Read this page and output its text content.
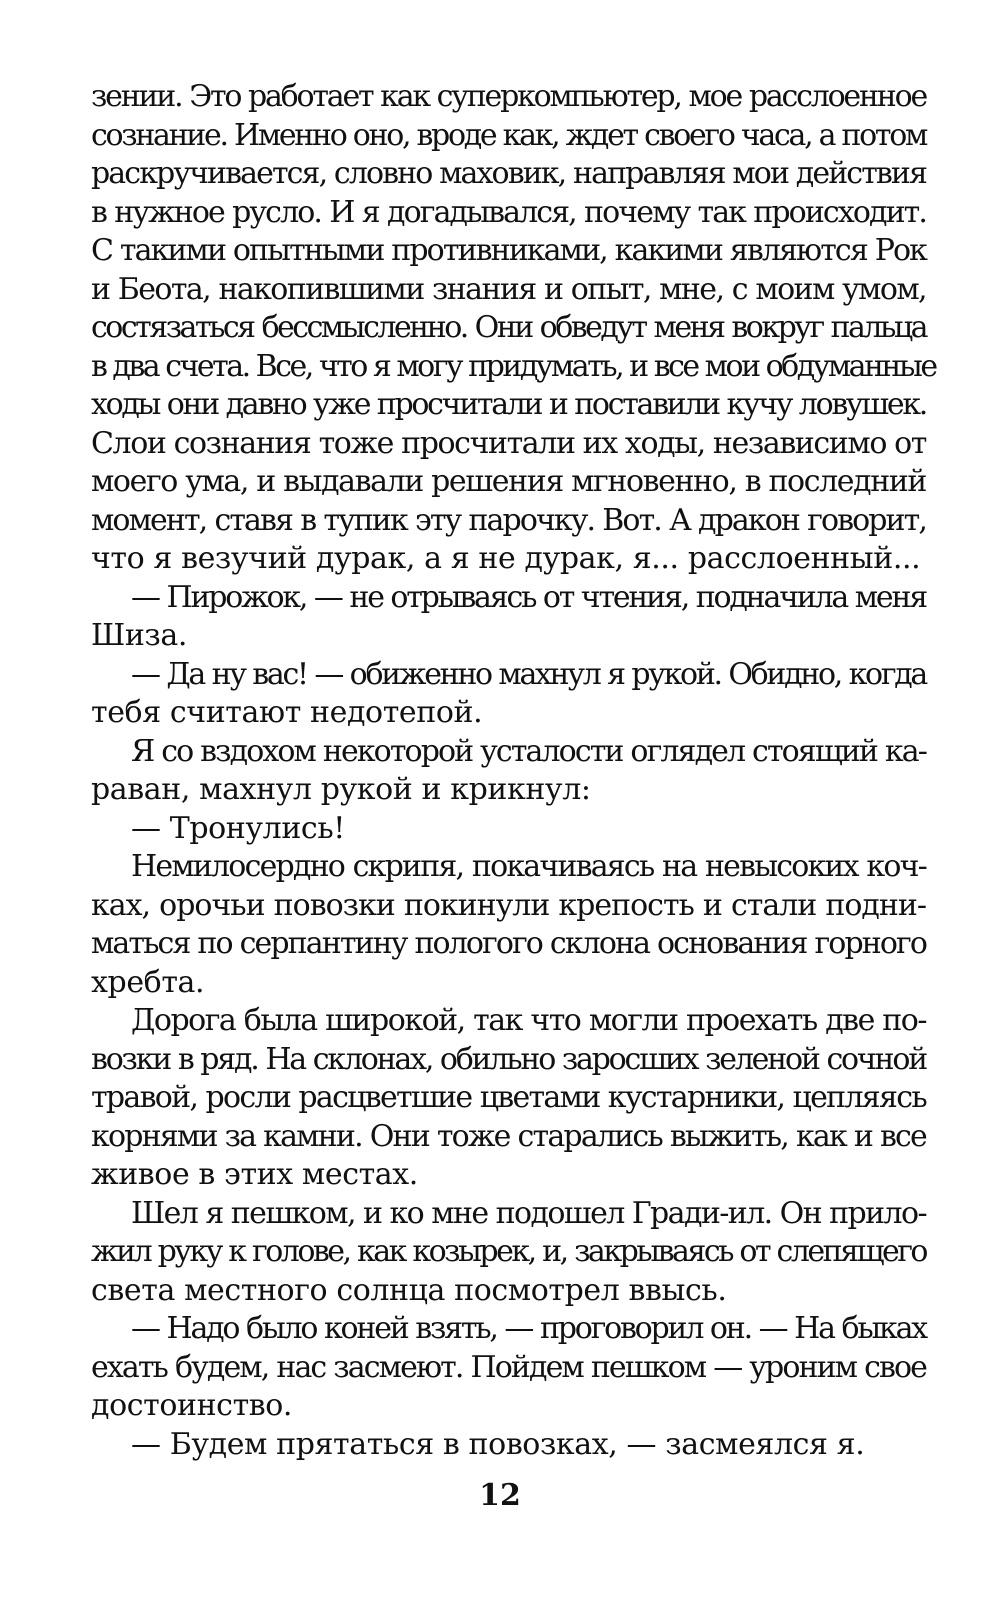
зении. Это работает как суперкомпьютер, мое расслоенное
сознание. Именно оно, вроде как, ждет своего часа, а потом
раскручивается, словно маховик, направляя мои действия
в нужное русло. И я догадывался, почему так происходит.
С такими опытными противниками, какими являются Рок
и Беота, накопившими знания и опыт, мне, с моим умом,
состязаться бессмысленно. Они обведут меня вокруг пальца
в два счета. Все, что я могу придумать, и все мои обдуманные
ходы они давно уже просчитали и поставили кучу ловушек.
Слои сознания тоже просчитали их ходы, независимо от
моего ума, и выдавали решения мгновенно, в последний
момент, ставя в тупик эту парочку. Вот. А дракон говорит,
что я везучий дурак, а я не дурак, я... расслоенный...
— Пирожок, — не отрываясь от чтения, подначила меня
Шиза.
— Да ну вас! — обиженно махнул я рукой. Обидно, когда
тебя считают недотепой.
Я со вздохом некоторой усталости оглядел стоящий ка-
раван, махнул рукой и крикнул:
— Тронулись!
Немилосердно скрипя, покачиваясь на невысоких коч-
ках, орочьи повозки покинули крепость и стали подни-
маться по серпантину пологого склона основания горного
хребта.
Дорога была широкой, так что могли проехать две по-
возки в ряд. На склонах, обильно заросших зеленой сочной
травой, росли расцветшие цветами кустарники, цепляясь
корнями за камни. Они тоже старались выжить, как и все
живое в этих местах.
Шел я пешком, и ко мне подошел Гради-ил. Он прило-
жил руку к голове, как козырек, и, закрываясь от слепящего
света местного солнца посмотрел ввысь.
— Надо было коней взять, — проговорил он. — На быках
ехать будем, нас засмеют. Пойдем пешком — уроним свое
достоинство.
— Будем прятаться в повозках, — засмеялся я.
12
